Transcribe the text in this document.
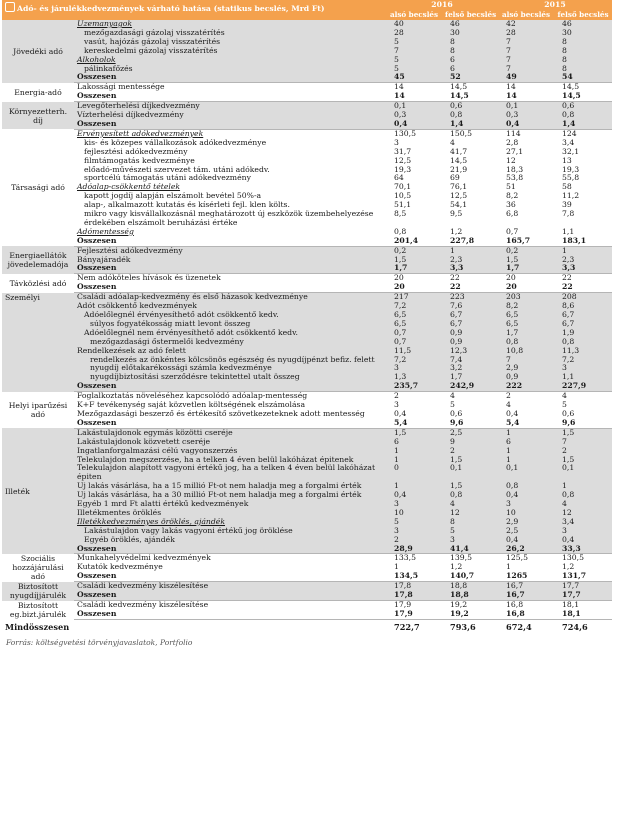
Adó- és járulékkedvezmények várható hatása (statikus becslés, Mrd Ft)		2016		2015	
		alsó becslés	felső becslés	alsó becslés	felső becslés
Jövedéki adó	Üzemanyagok	40	46	42	46
	mezőgazdasági gázolaj visszatérítés	28	30	28	30
	vasút, hajózás gázolaj visszatérítés	5	8	7	8
	kereskedelmi gázolaj visszatérítés	7	8	7	8
	Alkoholok	5	6	7	8
	pálinkafőzés	5	6	7	8
	Összesen	45	52	49	54
Energia-adó	Lakossági mentessége	14	14,5	14	14,5
	Összesen	14	14,5	14	14,5
Környezetterh. díj	Levegőterhelési díjkedvezmény	0,1	0,6	0,1	0,6
	Vízterhelési díjkedvezmény	0,3	0,8	0,3	0,8
	Összesen	0,4	1,4	0,4	1,4
Társasági adó	Érvényesített adókedvezmények	130,5	150,5	114	124
	kis- és közepes vállalkozások adókedvezménye	3	4	2,8	3,4
	fejlesztési adókedvezmény	31,7	41,7	27,1	32,1
	filmtámogatás kedvezménye	12,5	14,5	12	13
	előadó-művészeti szervezet tám. utáni adókedv.	19,3	21,9	18,3	19,3
	sportcélú támogatás utáni adókedvezmény	64	69	53,8	55,8
	Adóalap-csökkentő tételek	70,1	76,1	51	58
	kapott jogdíj alapján elszámolt bevétel 50%-a	10,5	12,5	8,2	11,2
	alap-, alkalmazott kutatás és kísérleti fejl. klen költs.	51,1	54,1	36	39
	mikro vagy kisvállalkozásnál meghatározott új eszközök üzembehelyezése érdekében elszámolt beruházási értéke	8,5	9,5	6,8	7,8
	Adómentesség	0,8	1,2	0,7	1,1
	Összesen	201,4	227,8	165,7	183,1
Energiaellátók jövedelemadója	Fejlesztési adókedvezmény	0,2	1	0,2	1
	Bányajáradék	1,5	2,3	1,5	2,3
	Összesen	1,7	3,3	1,7	3,3
Távközlési adó	Nem adóköteles hívások és üzenetek	20	22	20	22
	Összesen	20	22	20	22
Személyi	Családi adóalap-kedvezmény és első házasok kedvezménye	217	223	203	208
	Adót csökkentő kedvezmények	7,2	7,6	8,2	8,6
	Adóelőlegnél érvényesíthető adót csökkentő kedv.	6,5	6,7	6,5	6,7
	súlyos fogyatékosság miatt levont összeg	6,5	6,7	6,5	6,7
	Adóelőlegnél nem érvényesíthető adót csökkentő kedv.	0,7	0,9	1,7	1,9
	mezőgazdasági őstermelői kedvezmény	0,7	0,9	0,8	0,8
	Rendelkezések az adó felett	11,5	12,3	10,8	11,3
	rendelkezés az önkéntes kölcsönös egészség és nyugdíjpénzt befiz. felett	7,2	7,4	7	7,2
	nyugdíj előtakarékossági számla kedvezménye	3	3,2	2,9	3
	nyugdíjbiztosítási szerződésre tekintettel utalt összeg	1,3	1,7	0,9	1,1
	Összesen	235,7	242,9	222	227,9
Helyi iparűzési adó	Foglalkoztatás növeléséhez kapcsolódó adóalap-mentesség	2	4	2	4
	K+F tevékenység saját közvetlen költségének elszámolása	3	5	4	5
	Mezőgazdasági beszerző és értékesítő szövetkezeteknek adott mentesség	0,4	0,6	0,4	0,6
	Összesen	5,4	9,6	5,4	9,6
Illeték	Lakástulajdonok egymás közötti cseréje	1,5	2,5	1	1,5
	Lakástulajdonok közvetett cseréje	6	9	6	7
	Ingatlanforgalmazási célú vagyonszerzés	1	2	1	2
	Telekulajdon megszerzése, ha a telken 4 éven belül lakóházat épitenek	1	1,5	1	1,5
	Telekulajdon alapított vagyoni értékű jog, ha a telken 4 éven belül lakóházat épiten	0	0,1	0,1	0,1
	Új lakás vásárlása, ha a 15 millió Ft-ot nem haladja meg a forgalmi érték	1	1,5	0,8	1
	Új lakás vásárlása, ha a 30 millió Ft-ot nem haladja meg a forgalmi érték	0,4	0,8	0,4	0,8
	Egyéb 1 mrd Ft alatti értékű kedvezmények	3	4	3	4
	Illetékmentes öröklés	10	12	10	12
	Illetékkedvezményes öröklés, ajándék	5	8	2,9	3,4
	Lakástulajdon vagy lakás vagyoni értékű jog öröklése	3	5	2,5	3
	Egyéb öröklés, ajándék	2	3	0,4	0,4
	Összesen	28,9	41,4	26,2	33,3
Szociális hozzájárulási adó	Munkahelyvédelmi kedvezmények	133,5	139,5	125,5	130,5
	Kutatók kedvezménye	1	1,2	1	1,2
	Összesen	134,5	140,7	1265	131,7
Biztosított nyugdíjjárulék	Családi kedvezmény kiszélesítése	17,8	18,8	16,7	17,7
	Összesen	17,8	18,8	16,7	17,7
Biztosított eg.bizt.járulék	Családi kedvezmény kiszélesítése	17,9	19,2	16,8	18,1
	Összesen	17,9	19,2	16,8	18,1
Mindösszesen		722,7	793,6	672,4	724,6
Forrás: költségvetési törvényjavaslatok, Portfolio
